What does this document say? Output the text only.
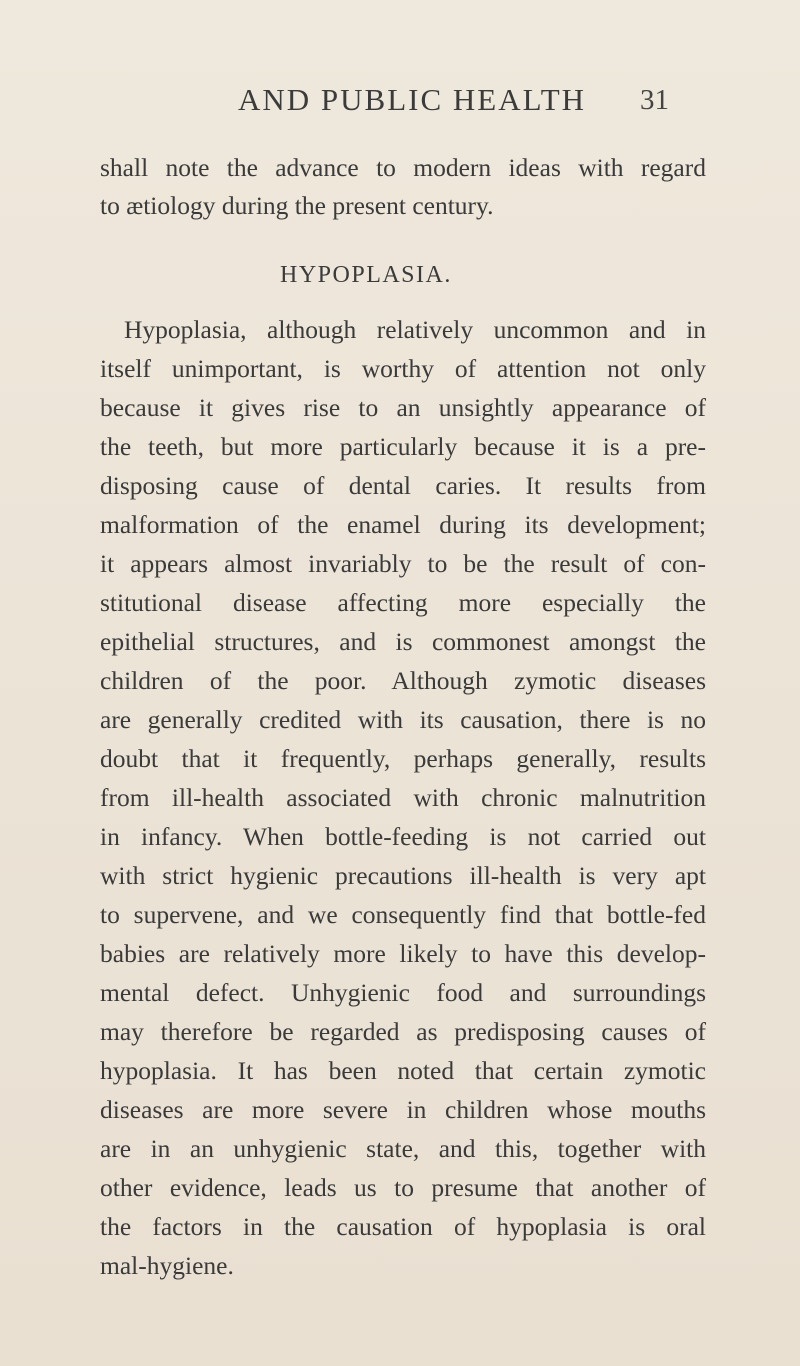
AND PUBLIC HEALTH	31
shall note the advance to modern ideas with regard
to ætiology during the present century.
HYPOPLASIA.
Hypoplasia, although relatively uncommon and in
itself unimportant, is worthy of attention not only
because it gives rise to an unsightly appearance of
the teeth, but more particularly because it is a pre-
disposing cause of dental caries. It results from
malformation of the enamel during its development;
it appears almost invariably to be the result of con-
stitutional disease affecting more especially the
epithelial structures, and is commonest amongst the
children of the poor. Although zymotic diseases
are generally credited with its causation, there is no
doubt that it frequently, perhaps generally, results
from ill-health associated with chronic malnutrition
in infancy. When bottle-feeding is not carried out
with strict hygienic precautions ill-health is very apt
to supervene, and we consequently find that bottle-fed
babies are relatively more likely to have this develop-
mental defect. Unhygienic food and surroundings
may therefore be regarded as predisposing causes of
hypoplasia. It has been noted that certain zymotic
diseases are more severe in children whose mouths
are in an unhygienic state, and this, together with
other evidence, leads us to presume that another of
the factors in the causation of hypoplasia is oral
mal-hygiene.
